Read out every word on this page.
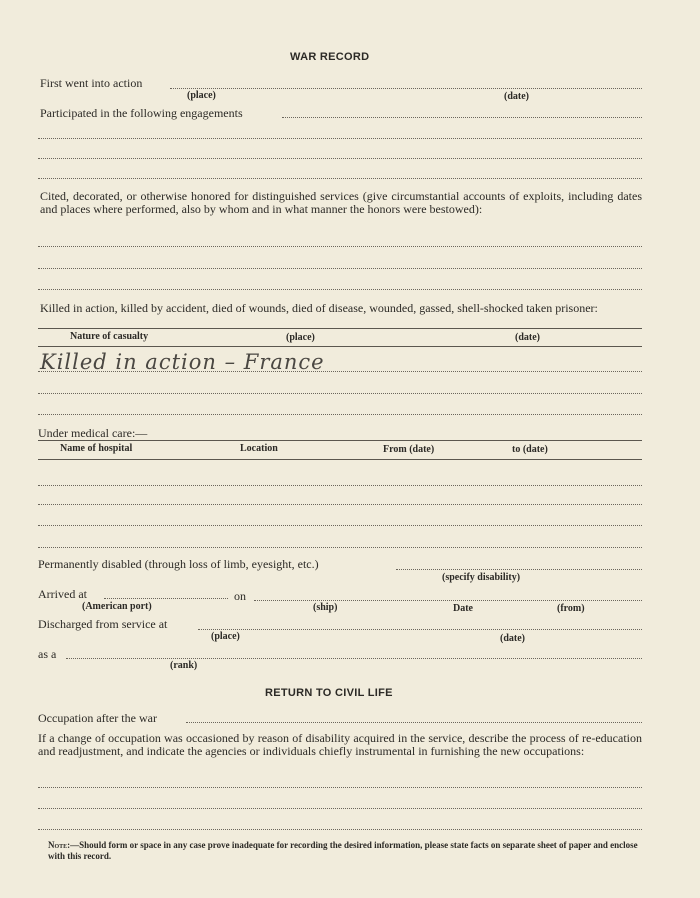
WAR RECORD
First went into action
(place)	(date)
Participated in the following engagements
Cited, decorated, or otherwise honored for distinguished services (give circumstantial accounts of exploits, including dates and places where performed, also by whom and in what manner the honors were bestowed):
Killed in action, killed by accident, died of wounds, died of disease, wounded, gassed, shell-shocked taken prisoner:
Nature of casualty	(place)	(date)
Killed in action – France
Under medical care:—
Name of hospital	Location	From (date)	to (date)
Permanently disabled (through loss of limb, eyesight, etc.)
(specify disability)
Arrived at	on
(American port)	(ship)	Date	(from)
Discharged from service at
(place)	(date)
as a
(rank)
RETURN TO CIVIL LIFE
Occupation after the war
If a change of occupation was occasioned by reason of disability acquired in the service, describe the process of re-education and readjustment, and indicate the agencies or individuals chiefly instrumental in furnishing the new occupations:
Note:—Should form or space in any case prove inadequate for recording the desired information, please state facts on separate sheet of paper and enclose with this record.
